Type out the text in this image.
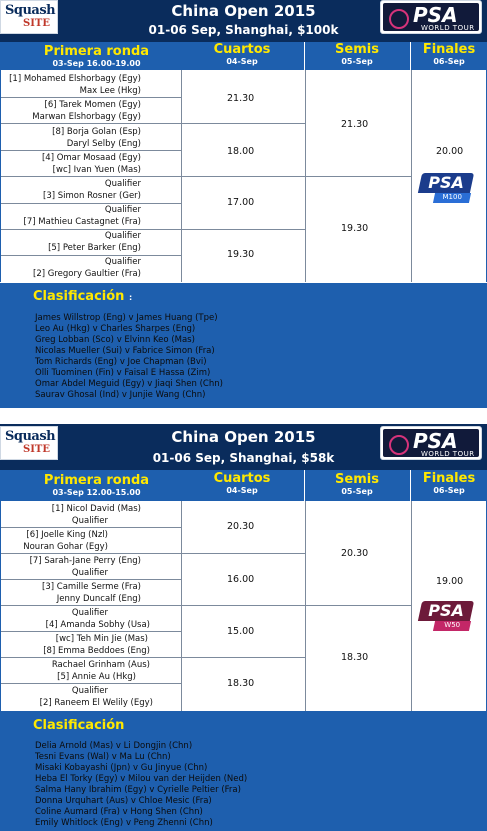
Squash
SITE
China Open 2015
01-06 Sep, Shanghai, $100k
PSA
WORLD TOUR
Primera ronda
03-Sep 16.00-19.00
Cuartos
04-Sep
Semis
05-Sep
Finales
06-Sep
[1] Mohamed Elshorbagy (Egy)
Max Lee (Hkg)
[6] Tarek Momen (Egy)
Marwan Elshorbagy (Egy)
[8] Borja Golan (Esp)
Daryl Selby (Eng)
[4] Omar Mosaad (Egy)
[wc] Ivan Yuen (Mas)
Qualifier
[3] Simon Rosner (Ger)
Qualifier
[7] Mathieu Castagnet (Fra)
Qualifier
[5] Peter Barker (Eng)
Qualifier
[2] Gregory Gaultier (Fra)
21.30
18.00
17.00
19.30
21.30
19.30
20.00
PSA
M100
Clasificación :
James Willstrop (Eng) v James Huang (Tpe)
Leo Au (Hkg) v Charles Sharpes (Eng)
Greg Lobban (Sco) v Elvinn Keo (Mas)
Nicolas Mueller (Sui) v Fabrice Simon (Fra)
Tom Richards (Eng) v Joe Chapman (Bvi)
Olli Tuominen (Fin) v Faisal E Hassa (Zim)
Omar Abdel Meguid (Egy) v Jiaqi Shen (Chn)
Saurav Ghosal (Ind) v Junjie Wang (Chn)
Squash
SITE
China Open 2015
01-06 Sep, Shanghai, $58k
PSA
WORLD TOUR
Primera ronda
03-Sep 12.00-15.00
Cuartos
04-Sep
Semis
05-Sep
Finales
06-Sep
[1] Nicol David (Mas)
Qualifier
[6] Joelle King (Nzl)
Nouran Gohar (Egy)
[7] Sarah-Jane Perry (Eng)
Qualifier
[3] Camille Serme (Fra)
Jenny Duncalf (Eng)
Qualifier
[4] Amanda Sobhy (Usa)
[wc] Teh Min Jie (Mas)
[8] Emma Beddoes (Eng)
Rachael Grinham (Aus)
[5] Annie Au (Hkg)
Qualifier
[2] Raneem El Welily (Egy)
20.30
16.00
15.00
18.30
20.30
18.30
19.00
PSA
W50
Clasificación
Delia Arnold (Mas) v Li Dongjin (Chn)
Tesni Evans (Wal) v Ma Lu (Chn)
Misaki Kobayashi (Jpn) v Gu Jinyue (Chn)
Heba El Torky (Egy) v Milou van der Heijden (Ned)
Salma Hany Ibrahim (Egy) v Cyrielle Peltier (Fra)
Donna Urquhart (Aus) v Chloe Mesic (Fra)
Coline Aumard (Fra) v Hong Shen (Chn)
Emily Whitlock (Eng) v Peng Zhenni (Chn)
